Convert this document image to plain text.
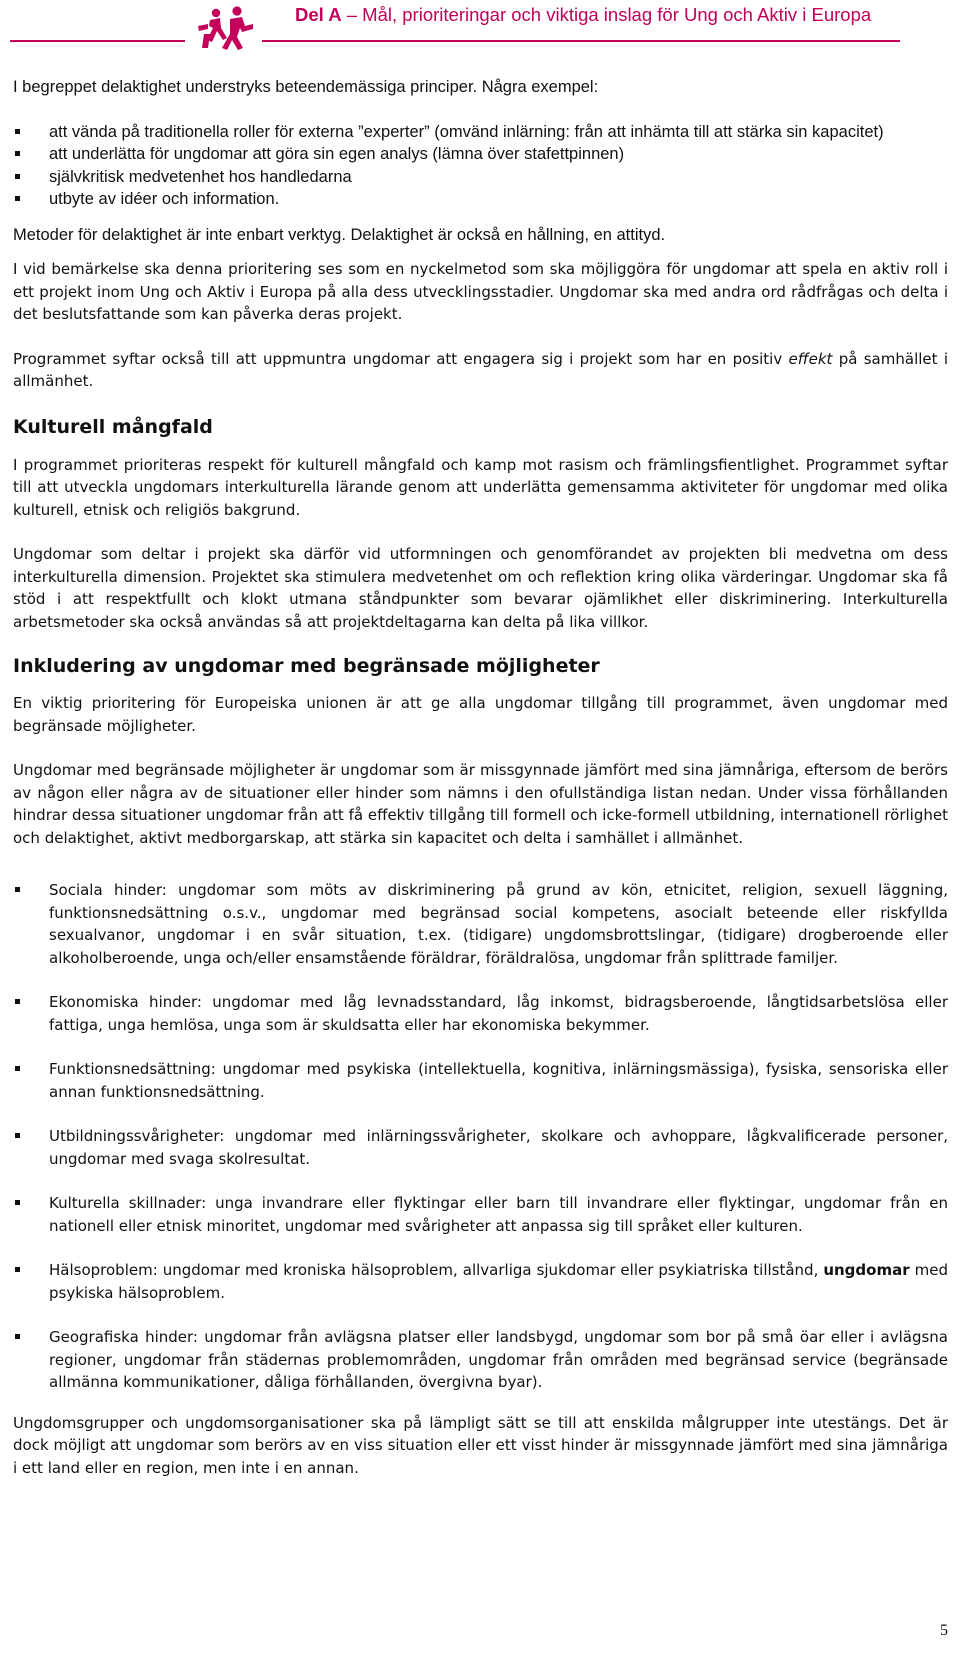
Del A – Mål, prioriteringar och viktiga inslag för Ung och Aktiv i Europa

I begreppet delaktighet understryks beteendemässiga principer. Några exempel:

att vända på traditionella roller för externa ”experter” (omvänd inlärning: från att inhämta till att stärka sin kapacitet)
att underlätta för ungdomar att göra sin egen analys (lämna över stafettpinnen)
självkritisk medvetenhet hos handledarna
utbyte av idéer och information.

Metoder för delaktighet är inte enbart verktyg. Delaktighet är också en hållning, en attityd.

I vid bemärkelse ska denna prioritering ses som en nyckelmetod som ska möjliggöra för ungdomar att spela en aktiv roll i ett projekt inom Ung och Aktiv i Europa på alla dess utvecklingsstadier. Ungdomar ska med andra ord rådfrågas och delta i det beslutsfattande som kan påverka deras projekt.

Programmet syftar också till att uppmuntra ungdomar att engagera sig i projekt som har en positiv effekt på samhället i allmänhet.

Kulturell mångfald

I programmet prioriteras respekt för kulturell mångfald och kamp mot rasism och främlingsfientlighet. Programmet syftar till att utveckla ungdomars interkulturella lärande genom att underlätta gemensamma aktiviteter för ungdomar med olika kulturell, etnisk och religiös bakgrund.

Ungdomar som deltar i projekt ska därför vid utformningen och genomförandet av projekten bli medvetna om dess interkulturella dimension. Projektet ska stimulera medvetenhet om och reflektion kring olika värderingar. Ungdomar ska få stöd i att respektfullt och klokt utmana ståndpunkter som bevarar ojämlikhet eller diskriminering. Interkulturella arbetsmetoder ska också användas så att projektdeltagarna kan delta på lika villkor.

Inkludering av ungdomar med begränsade möjligheter

En viktig prioritering för Europeiska unionen är att ge alla ungdomar tillgång till programmet, även ungdomar med begränsade möjligheter.

Ungdomar med begränsade möjligheter är ungdomar som är missgynnade jämfört med sina jämnåriga, eftersom de berörs av någon eller några av de situationer eller hinder som nämns i den ofullständiga listan nedan. Under vissa förhållanden hindrar dessa situationer ungdomar från att få effektiv tillgång till formell och icke-formell utbildning, internationell rörlighet och delaktighet, aktivt medborgarskap, att stärka sin kapacitet och delta i samhället i allmänhet.

Sociala hinder: ungdomar som möts av diskriminering på grund av kön, etnicitet, religion, sexuell läggning, funktionsnedsättning o.s.v., ungdomar med begränsad social kompetens, asocialt beteende eller riskfyllda sexualvanor, ungdomar i en svår situation, t.ex. (tidigare) ungdomsbrottslingar, (tidigare) drogberoende eller alkoholberoende, unga och/eller ensamstående föräldrar, föräldralösa, ungdomar från splittrade familjer.
Ekonomiska hinder: ungdomar med låg levnadsstandard, låg inkomst, bidragsberoende, långtidsarbetslösa eller fattiga, unga hemlösa, unga som är skuldsatta eller har ekonomiska bekymmer.
Funktionsnedsättning: ungdomar med psykiska (intellektuella, kognitiva, inlärningsmässiga), fysiska, sensoriska eller annan funktionsnedsättning.
Utbildningssvårigheter: ungdomar med inlärningssvårigheter, skolkare och avhoppare, lågkvalificerade personer, ungdomar med svaga skolresultat.
Kulturella skillnader: unga invandrare eller flyktingar eller barn till invandrare eller flyktingar, ungdomar från en nationell eller etnisk minoritet, ungdomar med svårigheter att anpassa sig till språket eller kulturen.
Hälsoproblem: ungdomar med kroniska hälsoproblem, allvarliga sjukdomar eller psykiatriska tillstånd, ungdomar med psykiska hälsoproblem.
Geografiska hinder: ungdomar från avlägsna platser eller landsbygd, ungdomar som bor på små öar eller i avlägsna regioner, ungdomar från städernas problemområden, ungdomar från områden med begränsad service (begränsade allmänna kommunikationer, dåliga förhållanden, övergivna byar).

Ungdomsgrupper och ungdomsorganisationer ska på lämpligt sätt se till att enskilda målgrupper inte utestängs. Det är dock möjligt att ungdomar som berörs av en viss situation eller ett visst hinder är missgynnade jämfört med sina jämnåriga i ett land eller en region, men inte i en annan.

5
